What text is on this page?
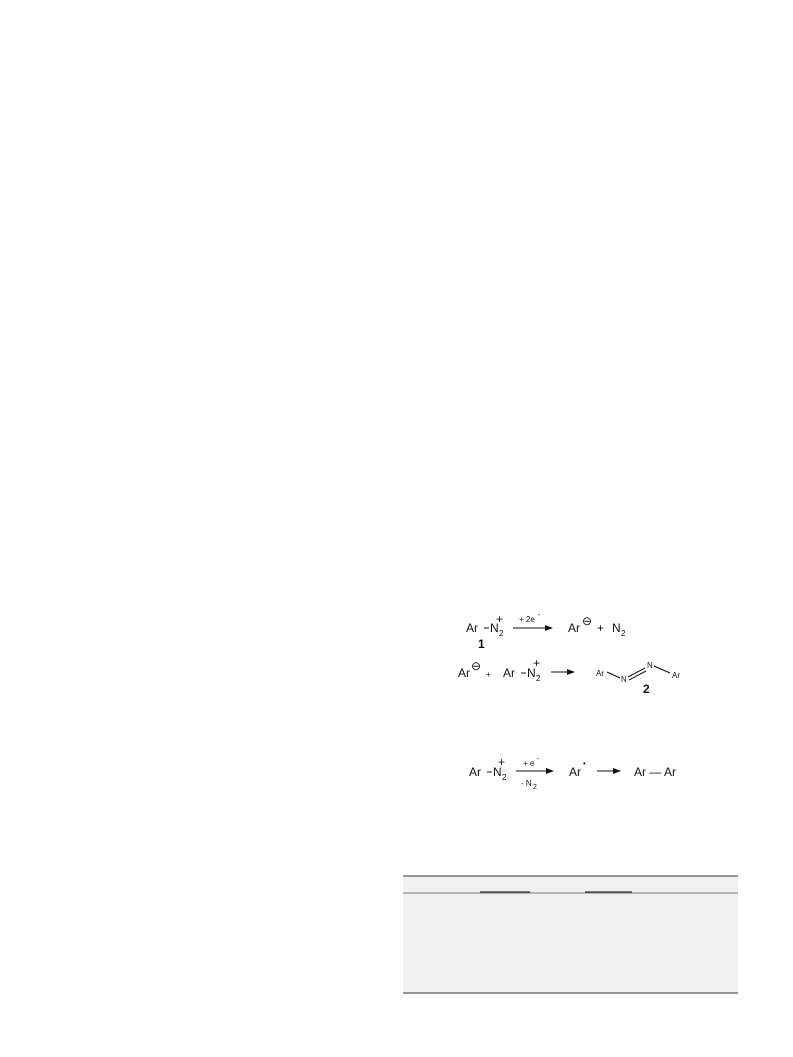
Ar N 2
+
1
+ 2e -
Ar ⊖ + N 2
Ar ⊖
+ Ar N 2
+
Ar
N
N
Ar
2
Ar N 2
+ + e -
- N 2
Ar
•
Ar — Ar
